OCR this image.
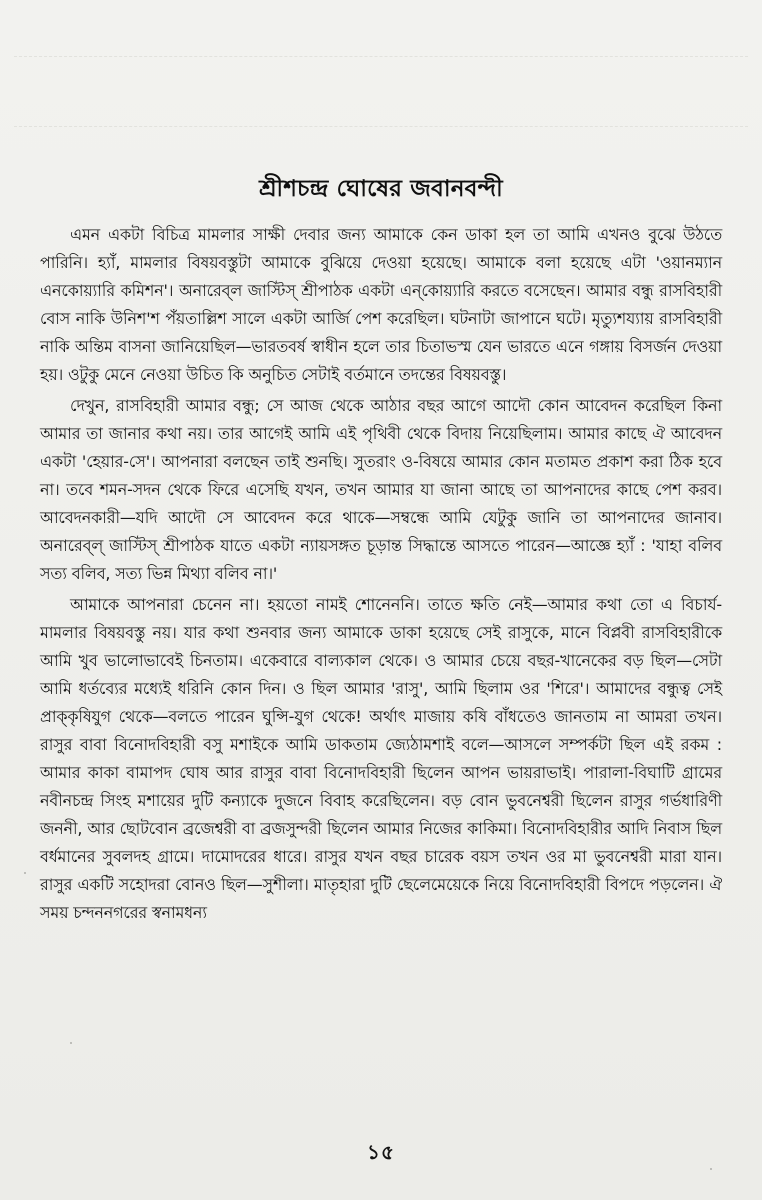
শ্রীশচন্দ্র ঘোষের জবানবন্দী

এমন একটা বিচিত্র মামলার সাক্ষী দেবার জন্য আমাকে কেন ডাকা হল তা আমি এখনও বুঝে উঠতে পারিনি। হ্যাঁ, মামলার বিষয়বস্তুটা আমাকে বুঝিয়ে দেওয়া হয়েছে। আমাকে বলা হয়েছে এটা 'ওয়ানম্যান এনকোয়্যারি কমিশন'। অনারেব্‌ল জাস্টিস্ শ্রীপাঠক একটা এন্‌কোয়্যারি করতে বসেছেন। আমার বন্ধু রাসবিহারী বোস নাকি উনিশ'শ পঁয়তাল্লিশ সালে একটা আর্জি পেশ করেছিল। ঘটনাটা জাপানে ঘটে। মৃত্যুশয্যায় রাসবিহারী নাকি অন্তিম বাসনা জানিয়েছিল—ভারতবর্ষ স্বাধীন হলে তার চিতাভস্ম যেন ভারতে এনে গঙ্গায় বিসর্জন দেওয়া হয়। ওটুকু মেনে নেওয়া উচিত কি অনুচিত সেটাই বর্তমানে তদন্তের বিষয়বস্তু।

দেখুন, রাসবিহারী আমার বন্ধু; সে আজ থেকে আঠার বছর আগে আদৌ কোন আবেদন করেছিল কিনা আমার তা জানার কথা নয়। তার আগেই আমি এই পৃথিবী থেকে বিদায় নিয়েছিলাম। আমার কাছে ঐ আবেদন একটা 'হেয়ার-সে'। আপনারা বলছেন তাই শুনছি। সুতরাং ও-বিষয়ে আমার কোন মতামত প্রকাশ করা ঠিক হবে না। তবে শমন-সদন থেকে ফিরে এসেছি যখন, তখন আমার যা জানা আছে তা আপনাদের কাছে পেশ করব। আবেদনকারী—যদি আদৌ সে আবেদন করে থাকে—সম্বন্ধে আমি যেটুকু জানি তা আপনাদের জানাব। অনারেব্‌ল্ জাস্টিস্ শ্রীপাঠক যাতে একটা ন্যায়সঙ্গত চূড়ান্ত সিদ্ধান্তে আসতে পারেন—আজ্ঞে হ্যাঁ : 'যাহা বলিব সত্য বলিব, সত্য ভিন্ন মিথ্যা বলিব না।'

আমাকে আপনারা চেনেন না। হয়তো নামই শোনেননি। তাতে ক্ষতি নেই—আমার কথা তো এ বিচার্য-মামলার বিষয়বস্তু নয়। যার কথা শুনবার জন্য আমাকে ডাকা হয়েছে সেই রাসুকে, মানে বিপ্লবী রাসবিহারীকে আমি খুব ভালোভাবেই চিনতাম। একেবারে বাল্যকাল থেকে। ও আমার চেয়ে বছর-খানেকের বড় ছিল—সেটা আমি ধর্তব্যের মধ্যেই ধরিনি কোন দিন। ও ছিল আমার 'রাসু', আমি ছিলাম ওর 'শিরে'। আমাদের বন্ধুত্ব সেই প্রাক্‌কৃষিযুগ থেকে—বলতে পারেন ঘুন্সি-যুগ থেকে! অর্থাৎ মাজায় কষি বাঁধতেও জানতাম না আমরা তখন। রাসুর বাবা বিনোদবিহারী বসু মশাইকে আমি ডাকতাম জ্যেঠামশাই বলে—আসলে সম্পর্কটা ছিল এই রকম : আমার কাকা বামাপদ ঘোষ আর রাসুর বাবা বিনোদবিহারী ছিলেন আপন ভায়রাভাই। পারালা-বিঘাটি গ্রামের নবীনচন্দ্র সিংহ মশায়ের দুটি কন্যাকে দুজনে বিবাহ করেছিলেন। বড় বোন ভুবনেশ্বরী ছিলেন রাসুর গর্ভধারিণী জননী, আর ছোটবোন ব্রজেশ্বরী বা ব্রজসুন্দরী ছিলেন আমার নিজের কাকিমা। বিনোদবিহারীর আদি নিবাস ছিল বর্ধমানের সুবলদহ গ্রামে। দামোদরের ধারে। রাসুর যখন বছর চারেক বয়স তখন ওর মা ভুবনেশ্বরী মারা যান। রাসুর একটি সহোদরা বোনও ছিল—সুশীলা। মাতৃহারা দুটি ছেলেমেয়েকে নিয়ে বিনোদবিহারী বিপদে পড়লেন। ঐ সময় চন্দননগরের স্বনামধন্য

১৫
